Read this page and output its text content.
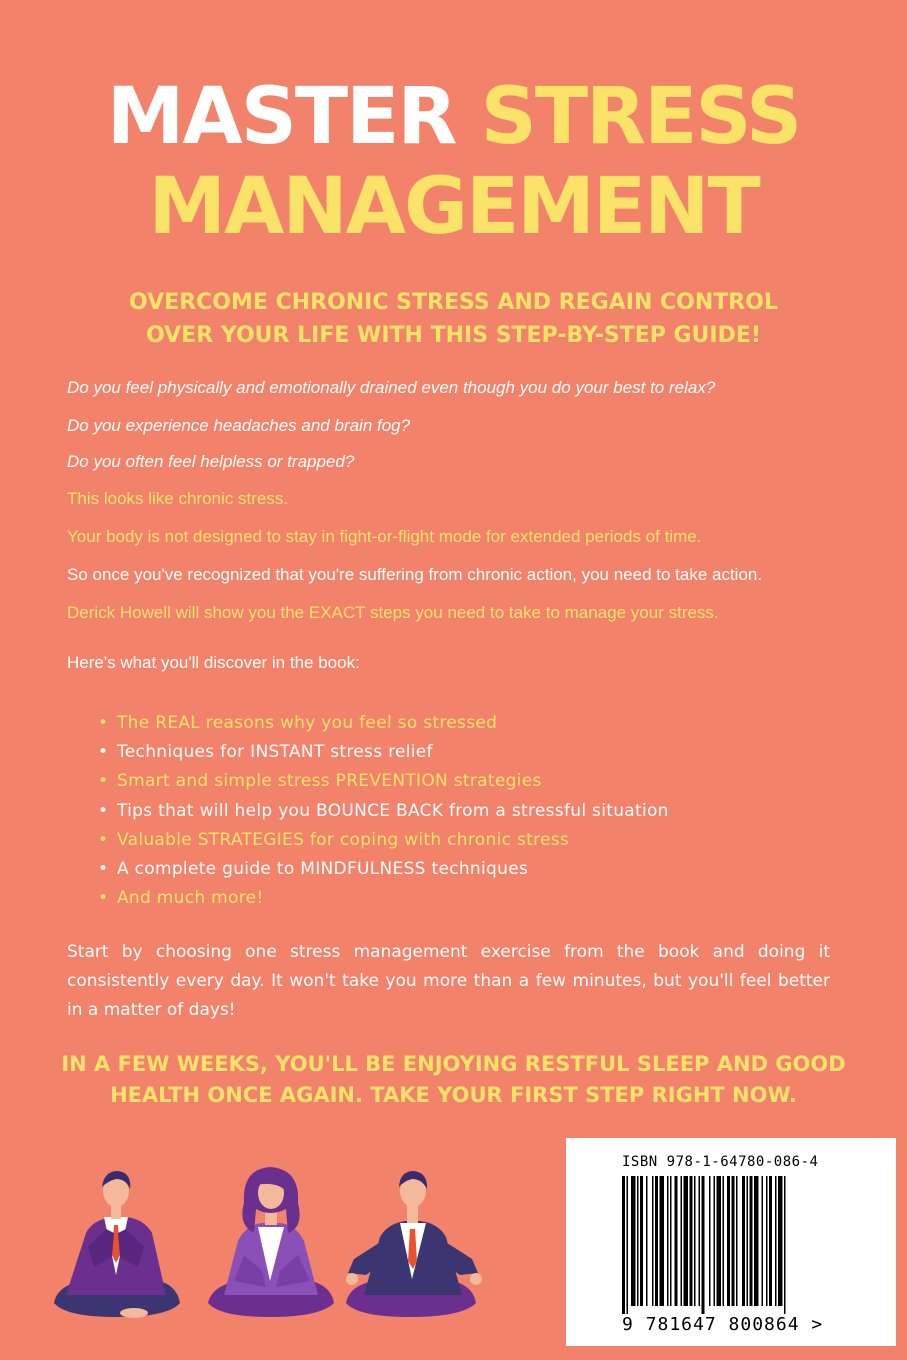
MASTER STRESS
MANAGEMENT
OVERCOME CHRONIC STRESS AND REGAIN CONTROL
OVER YOUR LIFE WITH THIS STEP-BY-STEP GUIDE!

Do you feel physically and emotionally drained even though you do your best to relax?

Do you experience headaches and brain fog?

Do you often feel helpless or trapped?

This looks like chronic stress.

Your body is not designed to stay in fight-or-flight mode for extended periods of time.

So once you've recognized that you're suffering from chronic action, you need to take action.

Derick Howell will show you the EXACT steps you need to take to manage your stress.

Here's what you'll discover in the book:
• The REAL reasons why you feel so stressed
• Techniques for INSTANT stress relief
• Smart and simple stress PREVENTION strategies
• Tips that will help you BOUNCE BACK from a stressful situation
• Valuable STRATEGIES for coping with chronic stress
• A complete guide to MINDFULNESS techniques
• And much more!

Start by choosing one stress management exercise from the book and doing it consistently every day. It won't take you more than a few minutes, but you'll feel better in a matter of days!

IN A FEW WEEKS, YOU'LL BE ENJOYING RESTFUL SLEEP AND GOOD
HEALTH ONCE AGAIN. TAKE YOUR FIRST STEP RIGHT NOW.
ISBN 978-1-64780-086-4
9 781647 800864 >
